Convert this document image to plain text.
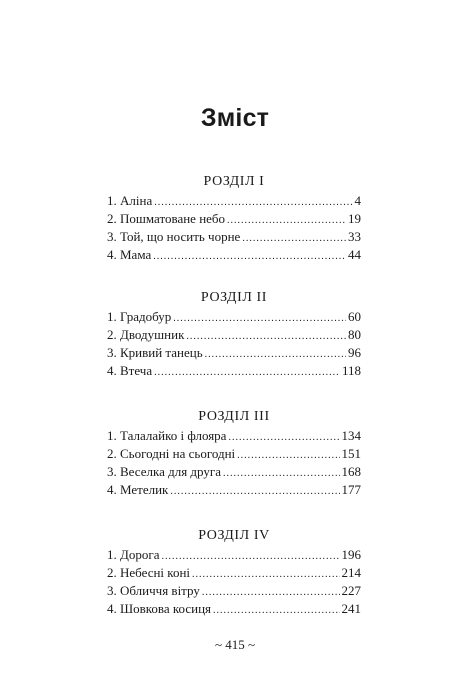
Зміст
РОЗДІЛ І
1. Аліна .....	4
2. Пошматоване небо .....	19
3. Той, що носить чорне .....	33
4. Мама .....	44
РОЗДІЛ ІІ
1. Градобур .....	60
2. Дводушник .....	80
3. Кривий танець .....	96
4. Втеча .....	118
РОЗДІЛ ІІІ
1. Талалайко і флояра .....	134
2. Сьогодні на сьогодні .....	151
3. Веселка для друга .....	168
4. Метелик .....	177
РОЗДІЛ IV
1. Дорога .....	196
2. Небесні коні .....	214
3. Обличчя вітру .....	227
4. Шовкова косиця .....	241
~ 415 ~
